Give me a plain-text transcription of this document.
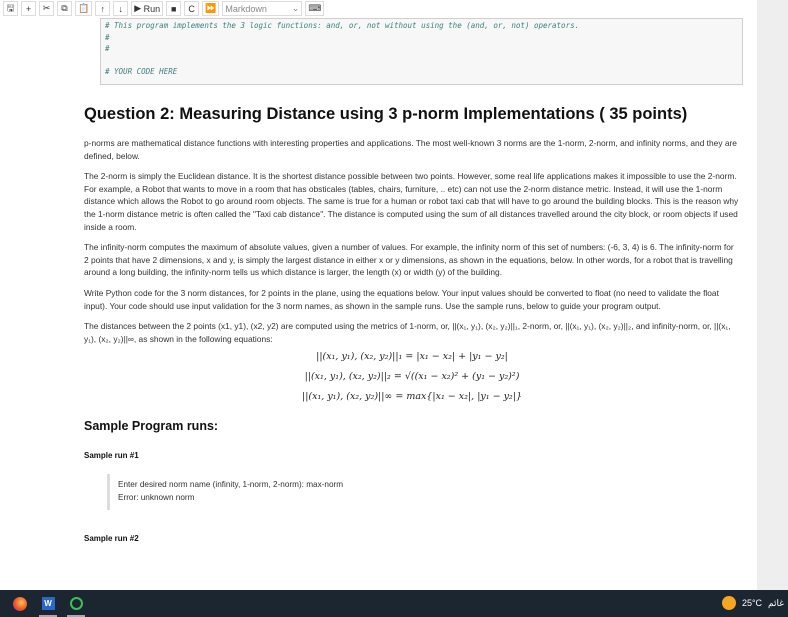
🖫 + ✂ ⧉ 📋 ↑ ↓ ▶
Run ■ C ⏩ Markdown	⌄ ⌨
# This program implements the 3 logic functions: and, or, not without using the (and, or, not) operators.
#
#

# YOUR CODE HERE
Question 2: Measuring Distance using 3 p-norm Implementations ( 35 points)

p-norms are mathematical distance functions with interesting properties and applications. The most well-known 3 norms are the 1-norm, 2-norm, and infinity norms, and they are defined, below.

The 2-norm is simply the Euclidean distance. It is the shortest distance possible between two points. However, some real life applications makes it impossible to use the 2-norm. For example, a Robot that wants to move in a room that has obsticales (tables, chairs, furniture, .. etc) can not use the 2-norm distance metric. Instead, it will use the 1-norm distance which allows the Robot to go around room objects. The same is true for a human or robot taxi cab that will have to go around the building blocks. This is the reason why the 1-norm distance metric is often called the "Taxi cab distance". The distance is computed using the sum of all distances travelled around the city block, or room objects if used inside a room.

The infinity-norm computes the maximum of absolute values, given a number of values. For example, the infinity norm of this set of numbers: (-6, 3, 4) is 6. The infinity-norm for 2 points that have 2 dimensions, x and y, is simply the largest distance in either x or y dimensions, as shown in the equations, below. In other words, for a robot that is travelling around a long building, the infinity-norm tells us which distance is larger, the length (x) or width (y) of the building.

Write Python code for the 3 norm distances, for 2 points in the plane, using the equations below. Your input values should be converted to float (no need to validate the float input). Your code should use input validation for the 3 norm names, as shown in the sample runs. Use the sample runs, below to guide your program output.

The distances between the 2 points (x1, y1), (x2, y2) are computed using the metrics of 1-norm, or, ||(x₁, y₁), (x₂, y₂)||₁, 2-norm, or, ||(x₁, y₁), (x₂, y₂)||₂, and infinity-norm, or, ||(x₁, y₁), (x₂, y₂)||∞, as shown in the following equations:

||(x₁, y₁), (x₂, y₂)||₁ = |x₁ − x₂| + |y₁ − y₂|
||(x₁, y₁), (x₂, y₂)||₂ = √((x₁ − x₂)² + (y₁ − y₂)²)
||(x₁, y₁), (x₂, y₂)||∞ = max{|x₁ − x₂|, |y₁ − y₂|}
Sample Program runs:
Sample run #1
Enter desired norm name (infinity, 1-norm, 2-norm): max-norm
Error: unknown norm
Sample run #2
W	25°C ﻏﺎﺋﻢ
